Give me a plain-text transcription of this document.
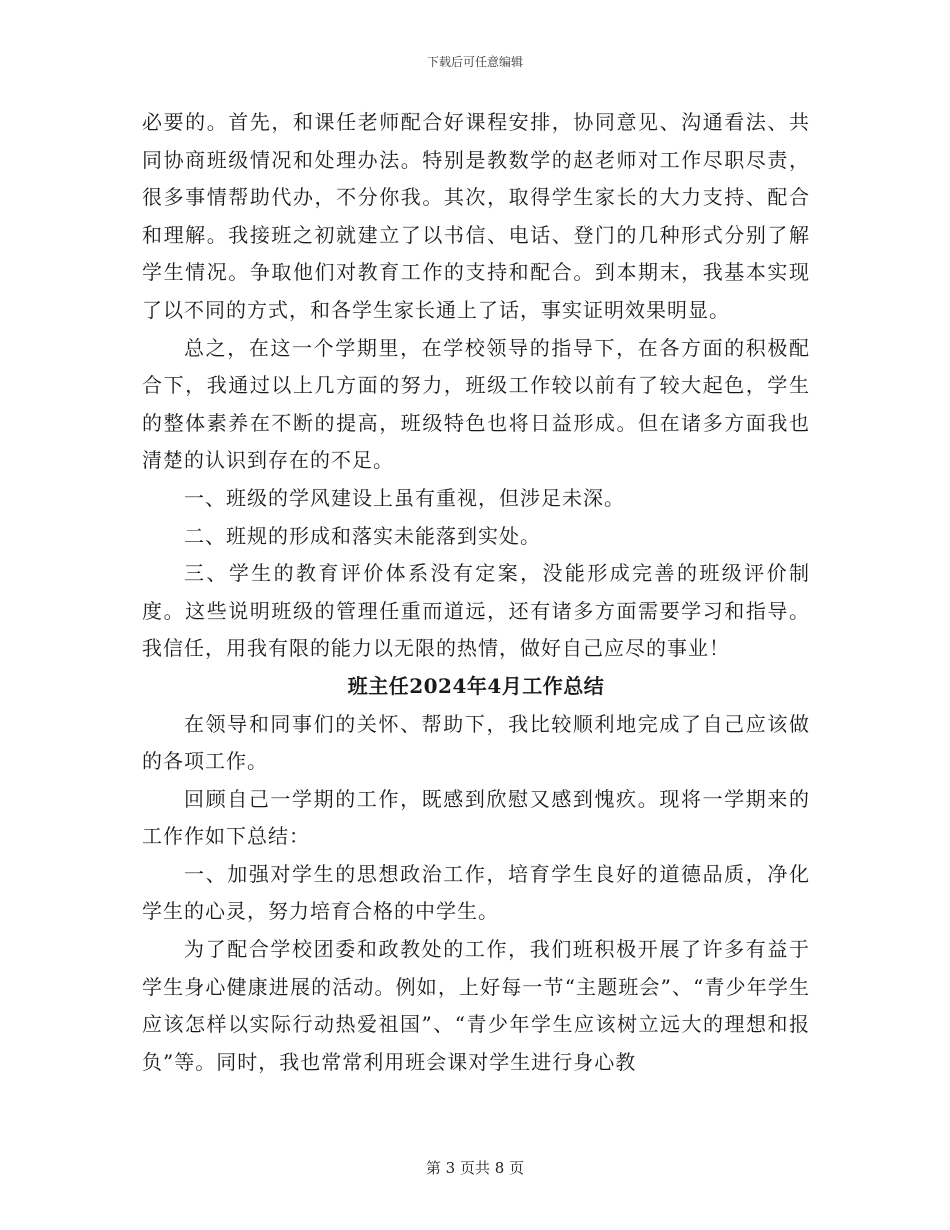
下载后可任意编辑

必要的。首先，和课任老师配合好课程安排，协同意见、沟通看法、共同协商班级情况和处理办法。特别是教数学的赵老师对工作尽职尽责，很多事情帮助代办，不分你我。其次，取得学生家长的大力支持、配合和理解。我接班之初就建立了以书信、电话、登门的几种形式分别了解学生情况。争取他们对教育工作的支持和配合。到本期末，我基本实现了以不同的方式，和各学生家长通上了话，事实证明效果明显。

总之，在这一个学期里，在学校领导的指导下，在各方面的积极配合下，我通过以上几方面的努力，班级工作较以前有了较大起色，学生的整体素养在不断的提高，班级特色也将日益形成。但在诸多方面我也清楚的认识到存在的不足。

一、班级的学风建设上虽有重视，但涉足未深。

二、班规的形成和落实未能落到实处。

三、学生的教育评价体系没有定案，没能形成完善的班级评价制度。这些说明班级的管理任重而道远，还有诸多方面需要学习和指导。我信任，用我有限的能力以无限的热情，做好自己应尽的事业！

班主任2024年4月工作总结

在领导和同事们的关怀、帮助下，我比较顺利地完成了自己应该做的各项工作。

回顾自己一学期的工作，既感到欣慰又感到愧疚。现将一学期来的工作作如下总结：

一、加强对学生的思想政治工作，培育学生良好的道德品质，净化学生的心灵，努力培育合格的中学生。

为了配合学校团委和政教处的工作，我们班积极开展了许多有益于学生身心健康进展的活动。例如，上好每一节“主题班会”、“青少年学生应该怎样以实际行动热爱祖国”、“青少年学生应该树立远大的理想和报负”等。同时，我也常常利用班会课对学生进行身心教

第 3 页共 8 页
